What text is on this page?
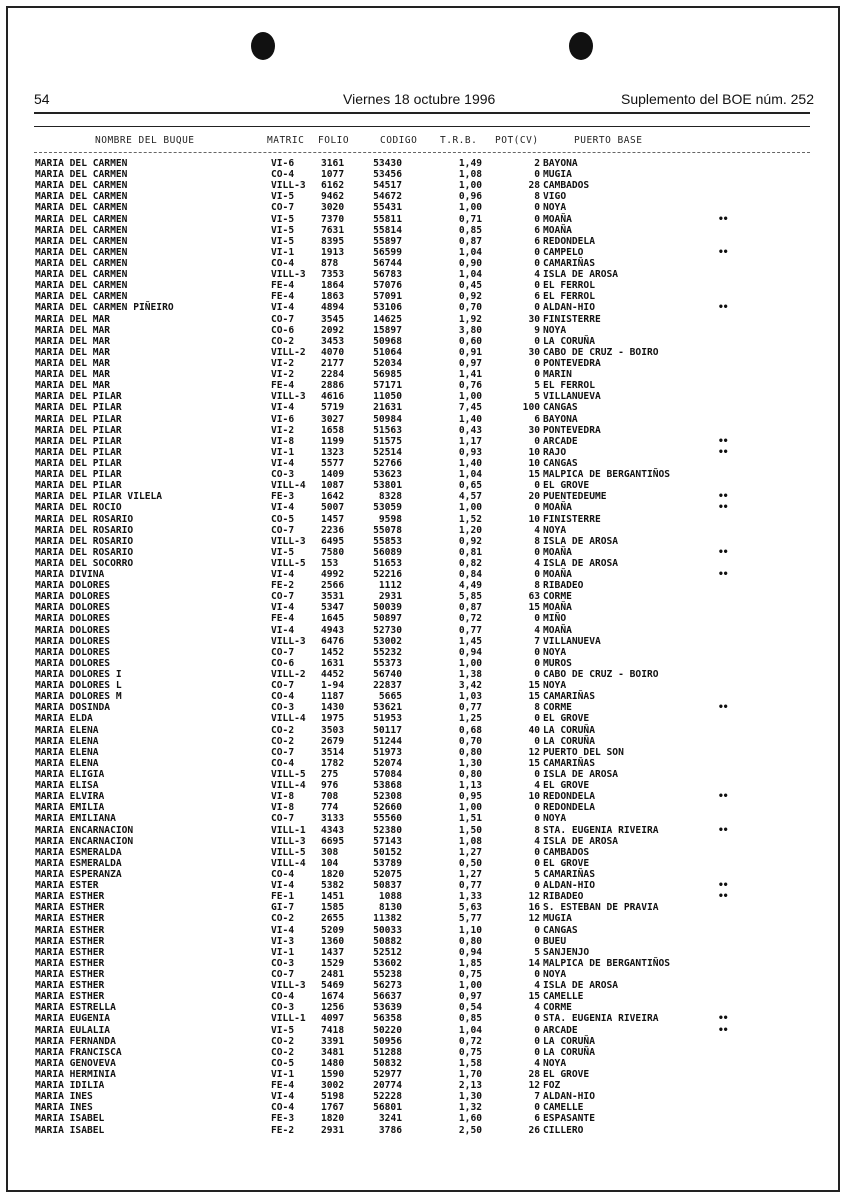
54	Viernes 18 octubre 1996	Suplemento del BOE núm. 252
NOMBRE DEL BUQUE	MATRIC FOLIO	CODIGO T.R.B. POT(CV)	PUERTO BASE
MARIA DEL CARMEN	VI-6	3161	53430	1,49	2 BAYONA
MARIA DEL CARMEN	CO-4	1077	53456	1,08	0 MUGIA
MARIA DEL CARMEN	VILL-3 6162	54517	1,00	28 CAMBADOS
MARIA DEL CARMEN	VI-5	9462	54672	0,96	8 VIGO
MARIA DEL CARMEN	CO-7	3020	55431	1,00	0 NOYA
MARIA DEL CARMEN	VI-5	7370	55811	0,71	0 MOAÑA	••
MARIA DEL CARMEN	VI-5	7631	55814	0,85	6 MOAÑA
MARIA DEL CARMEN	VI-5	8395	55897	0,87	6 REDONDELA
MARIA DEL CARMEN	VI-1	1913	56599	1,04	0 CAMPELO	••
MARIA DEL CARMEN	CO-4	878	56744	0,90	0 CAMARIÑAS
MARIA DEL CARMEN	VILL-3 7353	56783	1,04	4 ISLA DE AROSA
MARIA DEL CARMEN	FE-4	1864	57076	0,45	0 EL FERROL
MARIA DEL CARMEN	FE-4	1863	57091	0,92	6 EL FERROL
MARIA DEL CARMEN PIÑEIRO	VI-4	4894	53106	0,70	0 ALDAN-HIO	••
MARIA DEL MAR	CO-7	3545	14625	1,92	30 FINISTERRE
MARIA DEL MAR	CO-6	2092	15897	3,80	9 NOYA
MARIA DEL MAR	CO-2	3453	50968	0,60	0 LA CORUÑA
MARIA DEL MAR	VILL-2 4070	51064	0,91	30 CABO DE CRUZ - BOIRO
MARIA DEL MAR	VI-2	2177	52034	0,97	0 PONTEVEDRA
MARIA DEL MAR	VI-2	2284	56985	1,41	0 MARIN
MARIA DEL MAR	FE-4	2886	57171	0,76	5 EL FERROL
MARIA DEL PILAR	VILL-3 4616	11050	1,00	5 VILLANUEVA
MARIA DEL PILAR	VI-4	5719	21631	7,45	100 CANGAS
MARIA DEL PILAR	VI-6	3027	50984	1,40	6 BAYONA
MARIA DEL PILAR	VI-2	1658	51563	0,43	30 PONTEVEDRA
MARIA DEL PILAR	VI-8	1199	51575	1,17	0 ARCADE	••
MARIA DEL PILAR	VI-1	1323	52514	0,93	10 RAJO	••
MARIA DEL PILAR	VI-4	5577	52766	1,40	10 CANGAS
MARIA DEL PILAR	CO-3	1409	53623	1,04	15 MALPICA DE BERGANTIÑOS
MARIA DEL PILAR	VILL-4 1087	53801	0,65	0 EL GROVE
MARIA DEL PILAR VILELA	FE-3	1642	8328	4,57	20 PUENTEDEUME	••
MARIA DEL ROCIO	VI-4	5007	53059	1,00	0 MOAÑA	••
MARIA DEL ROSARIO	CO-5	1457	9598	1,52	10 FINISTERRE
MARIA DEL ROSARIO	CO-7	2236	55078	1,20	4 NOYA
MARIA DEL ROSARIO	VILL-3 6495	55853	0,92	8 ISLA DE AROSA
MARIA DEL ROSARIO	VI-5	7580	56089	0,81	0 MOAÑA	••
MARIA DEL SOCORRO	VILL-5 153	51653	0,82	4 ISLA DE AROSA
MARIA DIVINA	VI-4	4992	52216	0,84	0 MOAÑA	••
MARIA DOLORES	FE-2	2566	1112	4,49	8 RIBADEO
MARIA DOLORES	CO-7	3531	2931	5,85	63 CORME
MARIA DOLORES	VI-4	5347	50039	0,87	15 MOAÑA
MARIA DOLORES	FE-4	1645	50897	0,72	0 MIÑO
MARIA DOLORES	VI-4	4943	52730	0,77	4 MOAÑA
MARIA DOLORES	VILL-3 6476	53002	1,45	7 VILLANUEVA
MARIA DOLORES	CO-7	1452	55232	0,94	0 NOYA
MARIA DOLORES	CO-6	1631	55373	1,00	0 MUROS
MARIA DOLORES I	VILL-2 4452	56740	1,38	0 CABO DE CRUZ - BOIRO
MARIA DOLORES L	CO-7	1-94	22837	3,42	15 NOYA
MARIA DOLORES M	CO-4	1187	5665	1,03	15 CAMARIÑAS
MARIA DOSINDA	CO-3	1430	53621	0,77	8 CORME	••
MARIA ELDA	VILL-4 1975	51953	1,25	0 EL GROVE
MARIA ELENA	CO-2	3503	50117	0,68	40 LA CORUÑA
MARIA ELENA	CO-2	2679	51244	0,70	0 LA CORUÑA
MARIA ELENA	CO-7	3514	51973	0,80	12 PUERTO DEL SON
MARIA ELENA	CO-4	1782	52074	1,30	15 CAMARIÑAS
MARIA ELIGIA	VILL-5 275	57084	0,80	0 ISLA DE AROSA
MARIA ELISA	VILL-4 976	53868	1,13	4 EL GROVE
MARIA ELVIRA	VI-8	708	52308	0,95	10 REDONDELA	••
MARIA EMILIA	VI-8	774	52660	1,00	0 REDONDELA
MARIA EMILIANA	CO-7	3133	55560	1,51	0 NOYA
MARIA ENCARNACION	VILL-1 4343	52380	1,50	8 STA. EUGENIA RIVEIRA	••
MARIA ENCARNACION	VILL-3 6695	57143	1,08	4 ISLA DE AROSA
MARIA ESMERALDA	VILL-5 308	50152	1,27	0 CAMBADOS
MARIA ESMERALDA	VILL-4 104	53789	0,50	0 EL GROVE
MARIA ESPERANZA	CO-4	1820	52075	1,27	5 CAMARIÑAS
MARIA ESTER	VI-4	5382	50837	0,77	0 ALDAN-HIO	••
MARIA ESTHER	FE-1	1451	1088	1,33	12 RIBADEO	••
MARIA ESTHER	GI-7	1585	8130	5,63	16 S. ESTEBAN DE PRAVIA
MARIA ESTHER	CO-2	2655	11382	5,77	12 MUGIA
MARIA ESTHER	VI-4	5209	50033	1,10	0 CANGAS
MARIA ESTHER	VI-3	1360	50882	0,80	0 BUEU
MARIA ESTHER	VI-1	1437	52512	0,94	5 SANJENJO
MARIA ESTHER	CO-3	1529	53602	1,85	14 MALPICA DE BERGANTIÑOS
MARIA ESTHER	CO-7	2481	55238	0,75	0 NOYA
MARIA ESTHER	VILL-3 5469	56273	1,00	4 ISLA DE AROSA
MARIA ESTHER	CO-4	1674	56637	0,97	15 CAMELLE
MARIA ESTRELLA	CO-3	1256	53639	0,54	4 CORME
MARIA EUGENIA	VILL-1 4097	56358	0,85	0 STA. EUGENIA RIVEIRA	••
MARIA EULALIA	VI-5	7418	50220	1,04	0 ARCADE	••
MARIA FERNANDA	CO-2	3391	50956	0,72	0 LA CORUÑA
MARIA FRANCISCA	CO-2	3481	51288	0,75	0 LA CORUÑA
MARIA GENOVEVA	CO-5	1480	50832	1,58	4 NOYA
MARIA HERMINIA	VI-1	1590	52977	1,70	28 EL GROVE
MARIA IDILIA	FE-4	3002	20774	2,13	12 FOZ
MARIA INES	VI-4	5198	52228	1,30	7 ALDAN-HIO
MARIA INES	CO-4	1767	56801	1,32	0 CAMELLE
MARIA ISABEL	FE-3	1820	3241	1,60	6 ESPASANTE
MARIA ISABEL	FE-2	2931	3786	2,50	26 CILLERO
